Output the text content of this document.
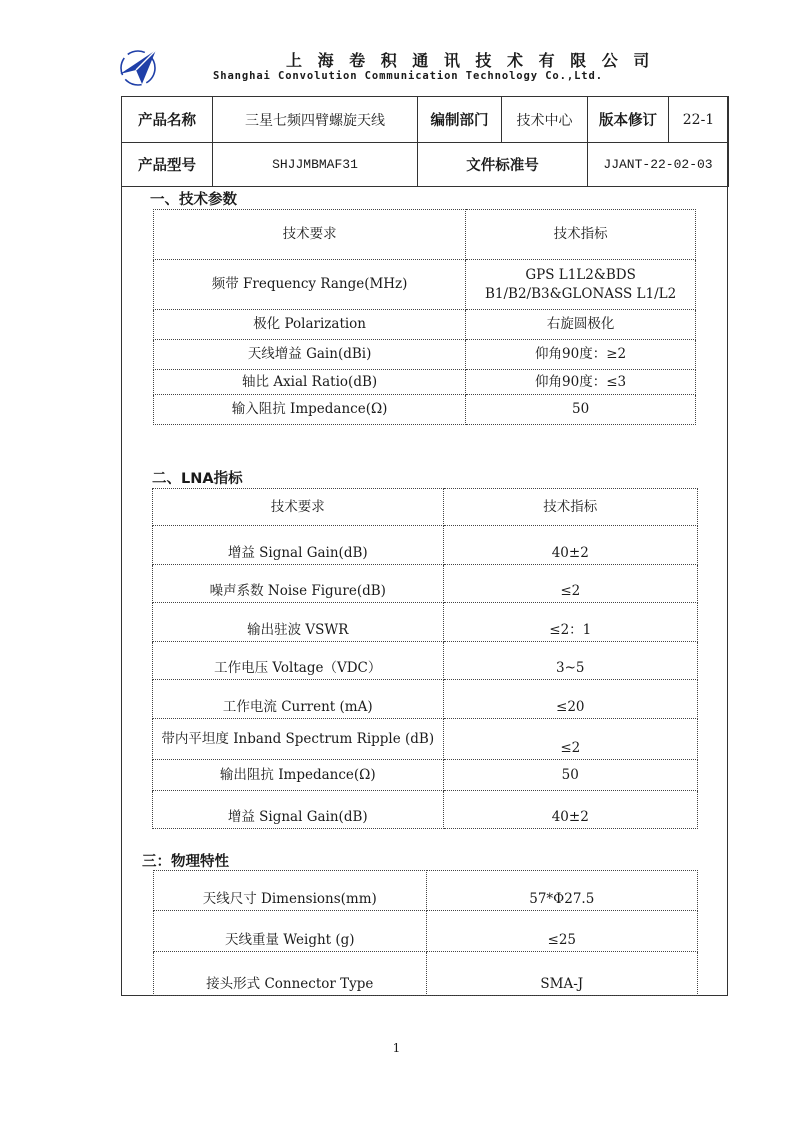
上 海 卷 积 通 讯 技 术 有 限 公 司
Shanghai Convolution Communication Technology Co.,Ltd.
产品名称	三星七频四臂螺旋天线	编制部门	技术中心	版本修订	22-1
产品型号	SHJJMBMAF31	文件标准号		JJANT-22-02-03	
一、技术参数
技术要求	技术指标
频带 Frequency Range(MHz)	GPS L1L2&BDS B1/B2/B3&GLONASS L1/L2
极化 Polarization	右旋圆极化
天线增益 Gain(dBi)	仰角90度：≥2
轴比 Axial Ratio(dB)	仰角90度：≤3
输入阻抗 Impedance(Ω)	50
二、LNA指标
技术要求	技术指标
增益 Signal Gain(dB)	40±2
噪声系数 Noise Figure(dB)	≤2
输出驻波 VSWR	≤2：1
工作电压 Voltage（VDC）	3~5
工作电流 Current (mA)	≤20
带内平坦度 Inband Spectrum Ripple (dB)	≤2
输出阻抗 Impedance(Ω)	50
增益 Signal Gain(dB)	40±2
三：物理特性
天线尺寸 Dimensions(mm)	57*Φ27.5
天线重量 Weight (g)	≤25
接头形式 Connector Type	SMA-J
1
